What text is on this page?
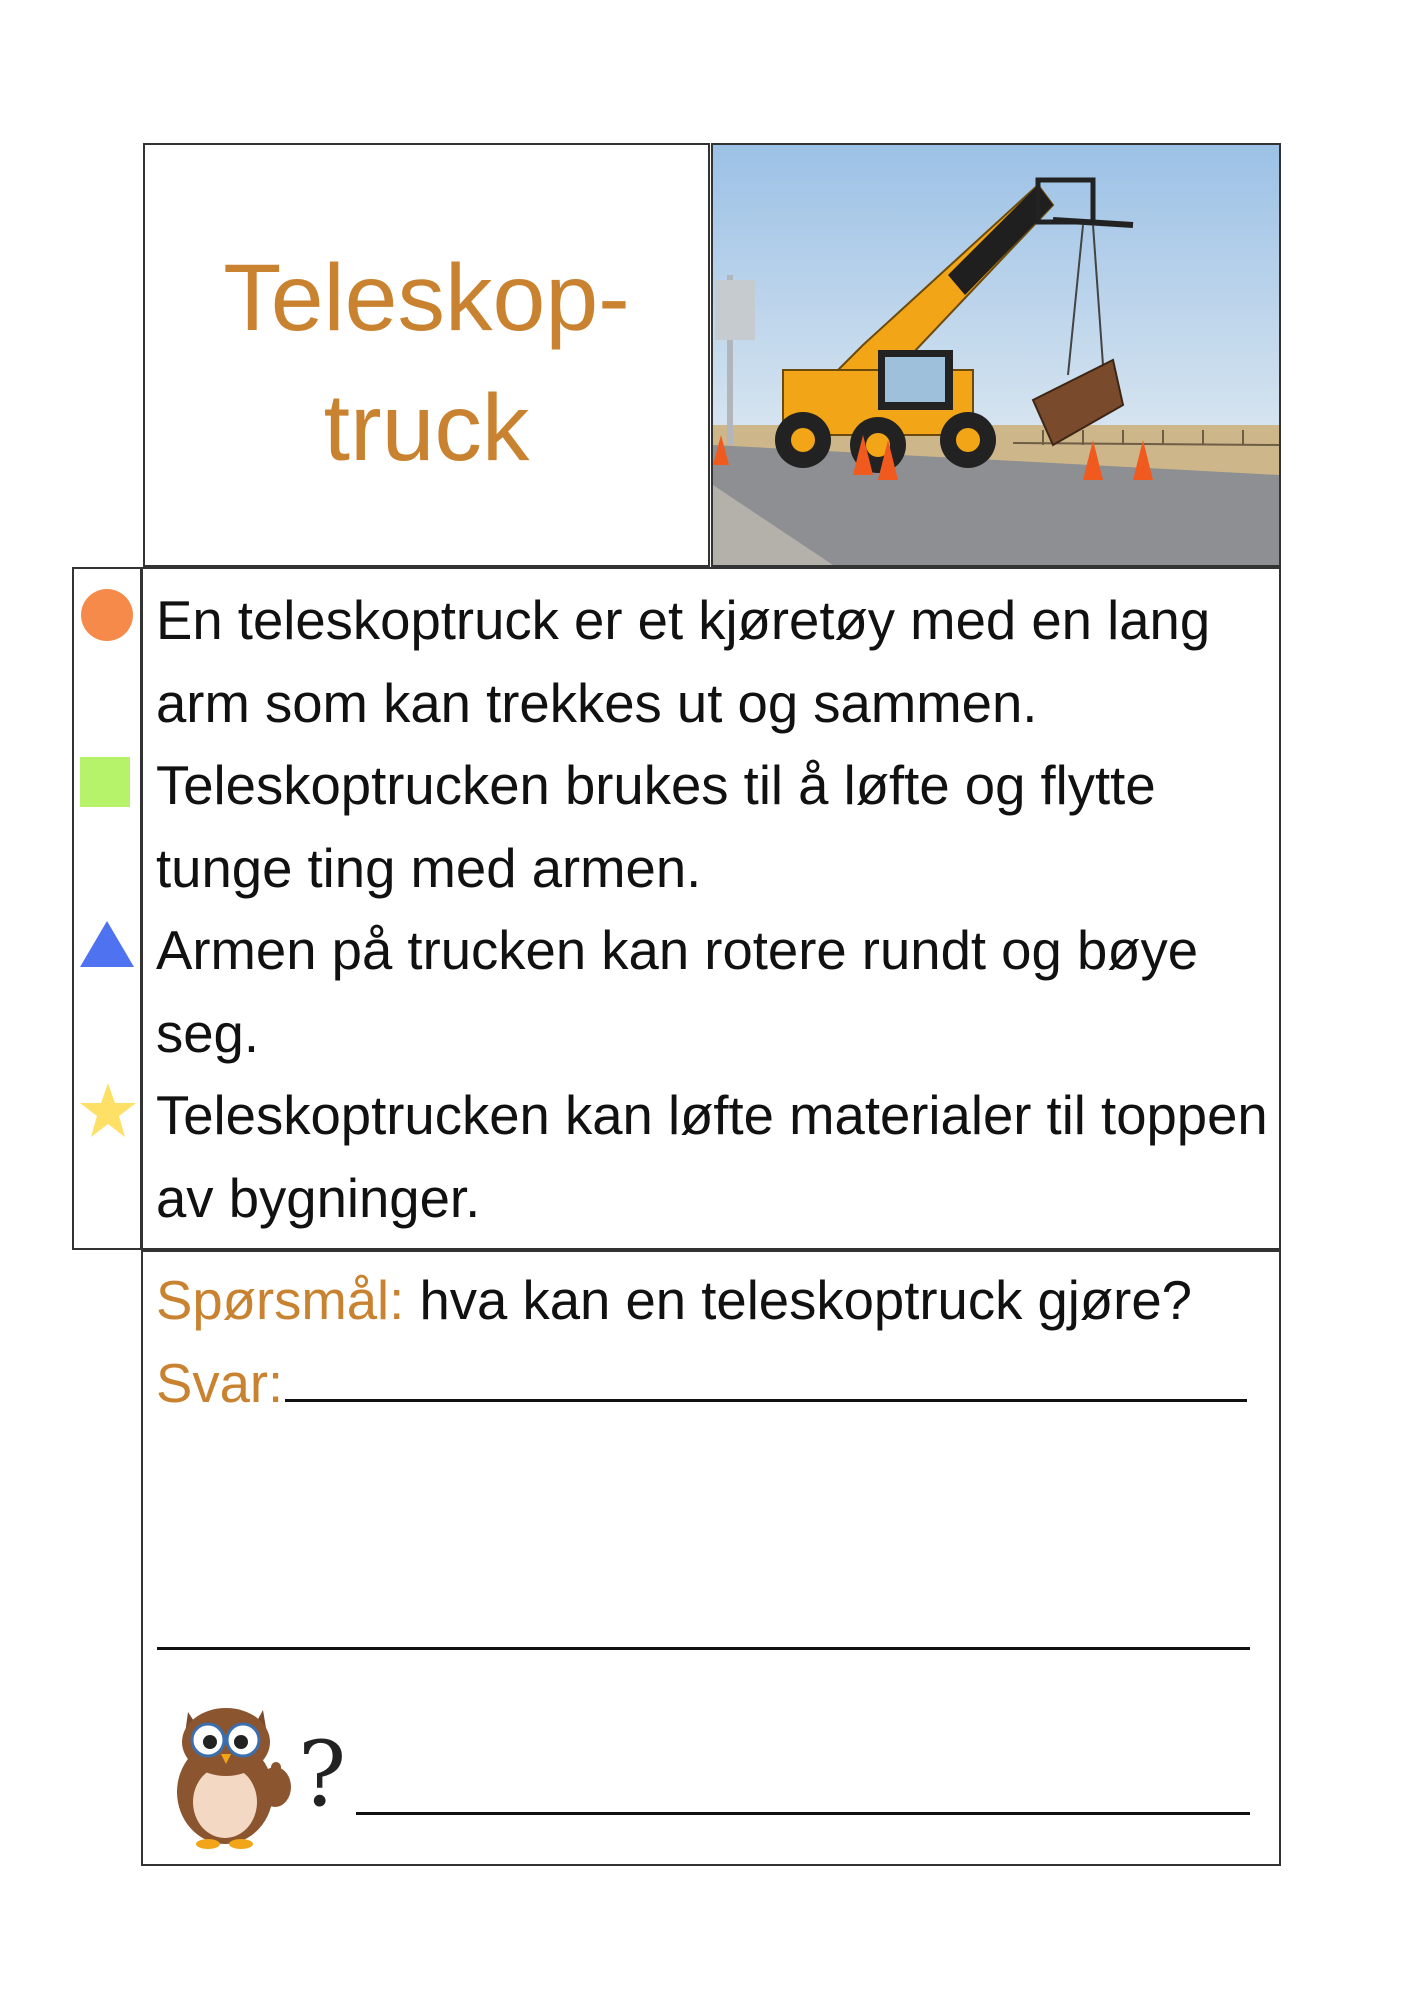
Teleskop-
truck
En teleskoptruck er et kjøretøy med en lang arm som kan trekkes ut og sammen.
Teleskoptrucken brukes til å løfte og flytte tunge ting med armen.
Armen på trucken kan rotere rundt og bøye seg.
Teleskoptrucken kan løfte materialer til toppen av bygninger.
Spørsmål: hva kan en teleskoptruck gjøre?
Svar:
?
